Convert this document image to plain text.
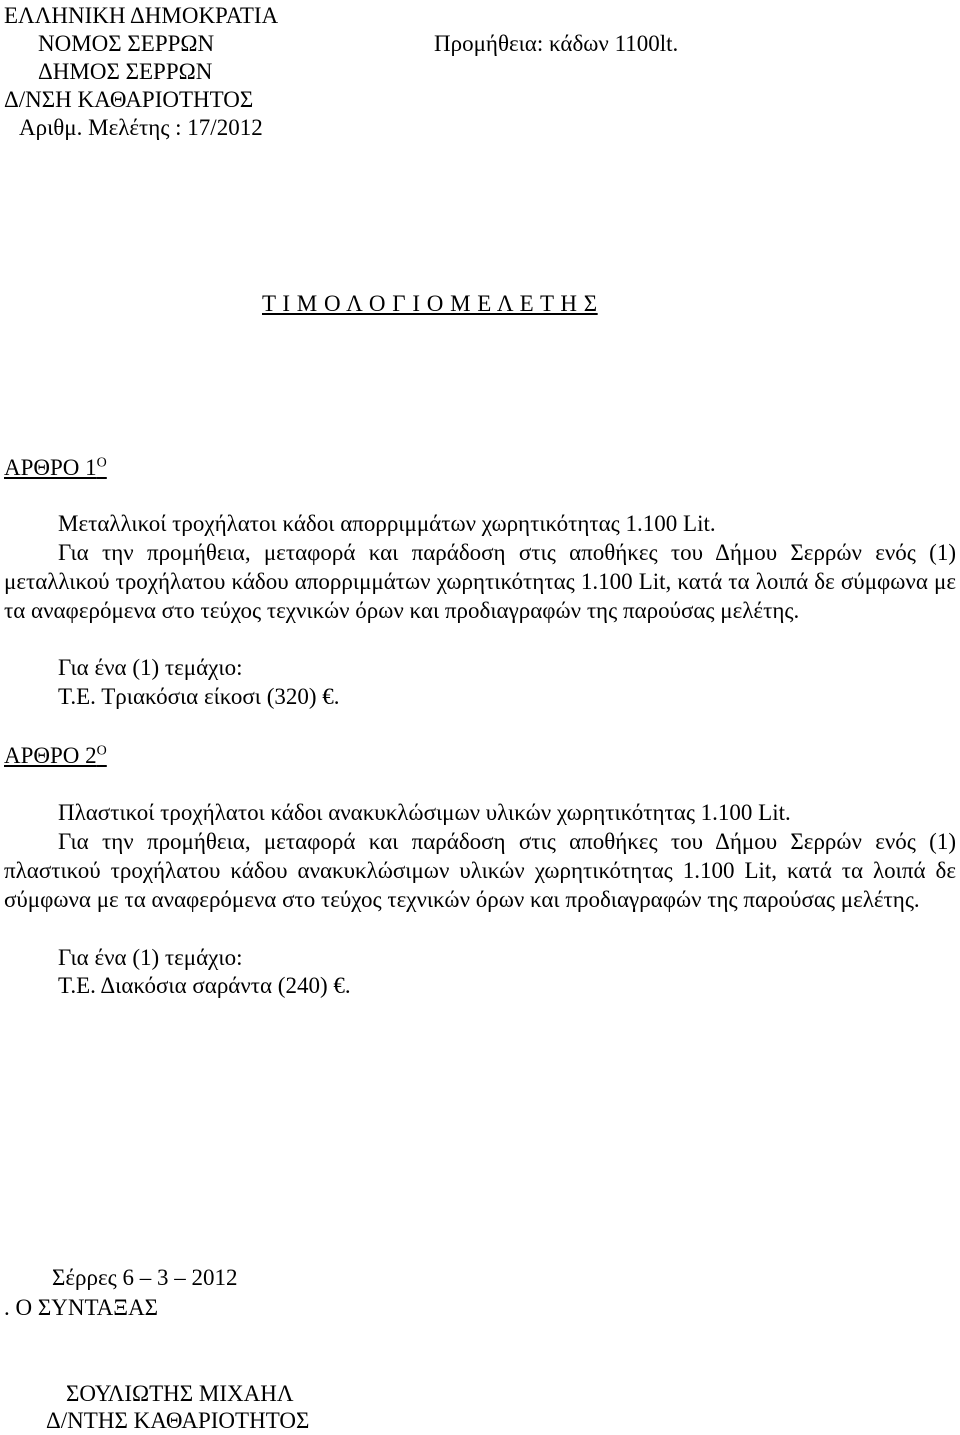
ΕΛΛΗΝΙΚΗ ΔΗΜΟΚΡΑΤΙΑ
ΝΟΜΟΣ ΣΕΡΡΩΝ	Προμήθεια: κάδων 1100lt.
ΔΗΜΟΣ ΣΕΡΡΩΝ
Δ/ΝΣΗ ΚΑΘΑΡΙΟΤΗΤΟΣ
Αριθμ. Μελέτης : 17/2012
Τ Ι Μ Ο Λ Ο Γ Ι Ο Μ Ε Λ Ε Τ Η Σ
ΑΡΘΡΟ $1^O$
Μεταλλικοί τροχήλατοι κάδοι απορριμμάτων χωρητικότητας 1.100 Lit.
Για την προμήθεια, μεταφορά και παράδοση στις αποθήκες του Δήμου Σερρών ενός (1) μεταλλικού τροχήλατου κάδου απορριμμάτων χωρητικότητας 1.100 Lit, κατά τα λοιπά δε σύμφωνα με τα αναφερόμενα στο τεύχος τεχνικών όρων και προδιαγραφών της παρούσας μελέτης.
Για ένα (1) τεμάχιο:
Τ.Ε. Τριακόσια είκοσι (320) €.
ΑΡΘΡΟ $2^O$
Πλαστικοί τροχήλατοι κάδοι ανακυκλώσιμων υλικών χωρητικότητας 1.100 Lit.
Για την προμήθεια, μεταφορά και παράδοση στις αποθήκες του Δήμου Σερρών ενός (1) πλαστικού τροχήλατου κάδου ανακυκλώσιμων υλικών χωρητικότητας 1.100 Lit, κατά τα λοιπά δε σύμφωνα με τα αναφερόμενα στο τεύχος τεχνικών όρων και προδιαγραφών της παρούσας μελέτης.
Για ένα (1) τεμάχιο:
Τ.Ε. Διακόσια σαράντα (240) €.
Σέρρες 6 – 3 – 2012
. Ο ΣΥΝΤΑΞΑΣ
ΣΟΥΛΙΩΤΗΣ ΜΙΧΑΗΛ
Δ/ΝΤΗΣ ΚΑΘΑΡΙΟΤΗΤΟΣ
